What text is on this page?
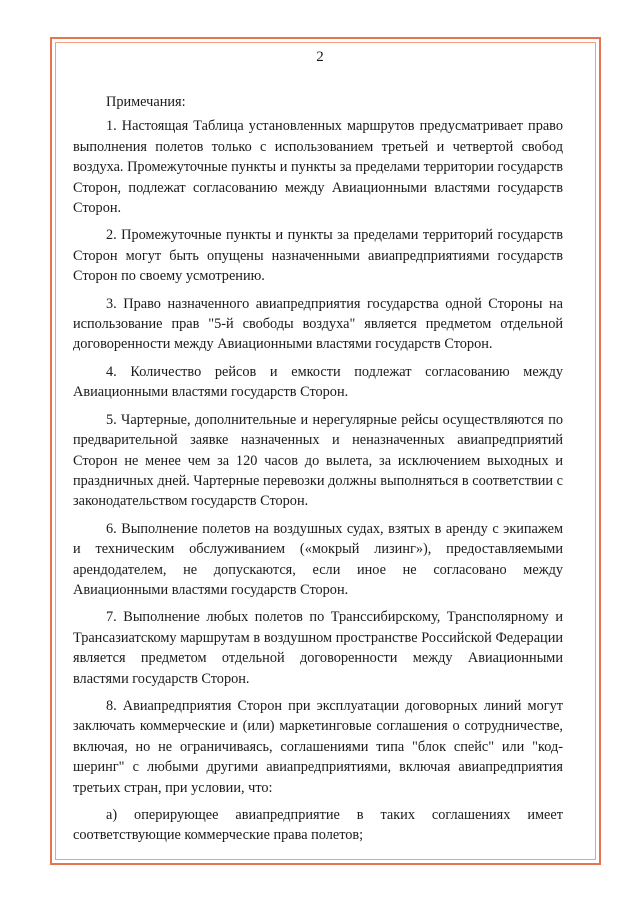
2

Примечания:

1. Настоящая Таблица установленных маршрутов предусматривает право выполнения полетов только с использованием третьей и четвертой свобод воздуха. Промежуточные пункты и пункты за пределами территории государств Сторон, подлежат согласованию между Авиационными властями государств Сторон.

2. Промежуточные пункты и пункты за пределами территорий государств Сторон могут быть опущены назначенными авиапредприятиями государств Сторон по своему усмотрению.

3. Право назначенного авиапредприятия государства одной Стороны на использование прав "5-й свободы воздуха" является предметом отдельной договоренности между Авиационными властями государств Сторон.

4. Количество рейсов и емкости подлежат согласованию между Авиационными властями государств Сторон.

5. Чартерные, дополнительные и нерегулярные рейсы осуществляются по предварительной заявке назначенных и неназначенных авиапредприятий Сторон не менее чем за 120 часов до вылета, за исключением выходных и праздничных дней. Чартерные перевозки должны выполняться в соответствии с законодательством государств Сторон.

6. Выполнение полетов на воздушных судах, взятых в аренду с экипажем и техническим обслуживанием («мокрый лизинг»), предоставляемыми арендодателем, не допускаются, если иное не согласовано между Авиационными властями государств Сторон.

7. Выполнение любых полетов по Транссибирскому, Трансполярному и Трансазиатскому маршрутам в воздушном пространстве Российской Федерации является предметом отдельной договоренности между Авиационными властями государств Сторон.

8. Авиапредприятия Сторон при эксплуатации договорных линий могут заключать коммерческие и (или) маркетинговые соглашения о сотрудничестве, включая, но не ограничиваясь, соглашениями типа "блок спейс" или "код-шеринг" с любыми другими авиапредприятиями, включая авиапредприятия третьих стран, при условии, что:

а) оперирующее авиапредприятие в таких соглашениях имеет соответствующие коммерческие права полетов;
